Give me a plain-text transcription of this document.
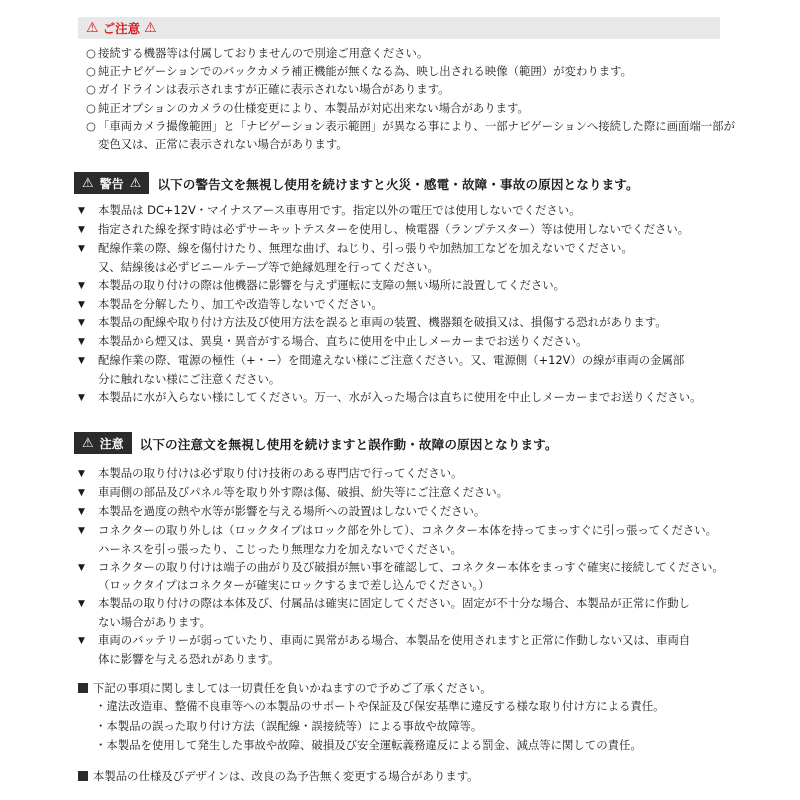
⚠ ご注意 ⚠
○ 接続する機器等は付属しておりませんので別途ご用意ください。
○ 純正ナビゲーションでのバックカメラ補正機能が無くなる為、映し出される映像（範囲）が変わります。
○ ガイドラインは表示されますが正確に表示されない場合があります。
○ 純正オプションのカメラの仕様変更により、本製品が対応出来ない場合があります。
○ 「車両カメラ撮像範囲」と「ナビゲーション表示範囲」が異なる事により、一部ナビゲーションへ接続した際に画面端一部が
変色又は、正常に表示されない場合があります。
⚠ 警告 ⚠ 以下の警告文を無視し使用を続けますと火災・感電・故障・事故の原因となります。
▼	本製品は DC+12V・マイナスアース車専用です。指定以外の電圧では使用しないでください。
▼	指定された線を探す時は必ずサーキットテスターを使用し、検電器（ランプテスター）等は使用しないでください。
▼	配線作業の際、線を傷付けたり、無理な曲げ、ねじり、引っ張りや加熱加工などを加えないでください。
又、結線後は必ずビニールテープ等で絶縁処理を行ってください。
▼	本製品の取り付けの際は他機器に影響を与えず運転に支障の無い場所に設置してください。
▼	本製品を分解したり、加工や改造等しないでください。
▼	本製品の配線や取り付け方法及び使用方法を誤ると車両の装置、機器類を破損又は、損傷する恐れがあります。
▼	本製品から煙又は、異臭・異音がする場合、直ちに使用を中止しメーカーまでお送りください。
▼	配線作業の際、電源の極性（+・−）を間違えない様にご注意ください。又、電源側（+12V）の線が車両の金属部
分に触れない様にご注意ください。
▼	本製品に水が入らない様にしてください。万一、水が入った場合は直ちに使用を中止しメーカーまでお送りください。
⚠ 注意 以下の注意文を無視し使用を続けますと誤作動・故障の原因となります。
▼	本製品の取り付けは必ず取り付け技術のある専門店で行ってください。
▼	車両側の部品及びパネル等を取り外す際は傷、破損、紛失等にご注意ください。
▼	本製品を過度の熱や水等が影響を与える場所への設置はしないでください。
▼	コネクターの取り外しは（ロックタイプはロック部を外して）、コネクター本体を持ってまっすぐに引っ張ってください。
ハーネスを引っ張ったり、こじったり無理な力を加えないでください。
▼	コネクターの取り付けは端子の曲がり及び破損が無い事を確認して、コネクター本体をまっすぐ確実に接続してください。
（ロックタイプはコネクターが確実にロックするまで差し込んでください。）
▼	本製品の取り付けの際は本体及び、付属品は確実に固定してください。固定が不十分な場合、本製品が正常に作動し
ない場合があります。
▼	車両のバッテリーが弱っていたり、車両に異常がある場合、本製品を使用されますと正常に作動しない又は、車両自
体に影響を与える恐れがあります。
下記の事項に関しましては一切責任を負いかねますので予めご了承ください。
・違法改造車、整備不良車等への本製品のサポートや保証及び保安基準に違反する様な取り付け方による責任。
・本製品の誤った取り付け方法（誤配線・誤接続等）による事故や故障等。
・本製品を使用して発生した事故や故障、破損及び安全運転義務違反による罰金、減点等に関しての責任。
本製品の仕様及びデザインは、改良の為予告無く変更する場合があります。
